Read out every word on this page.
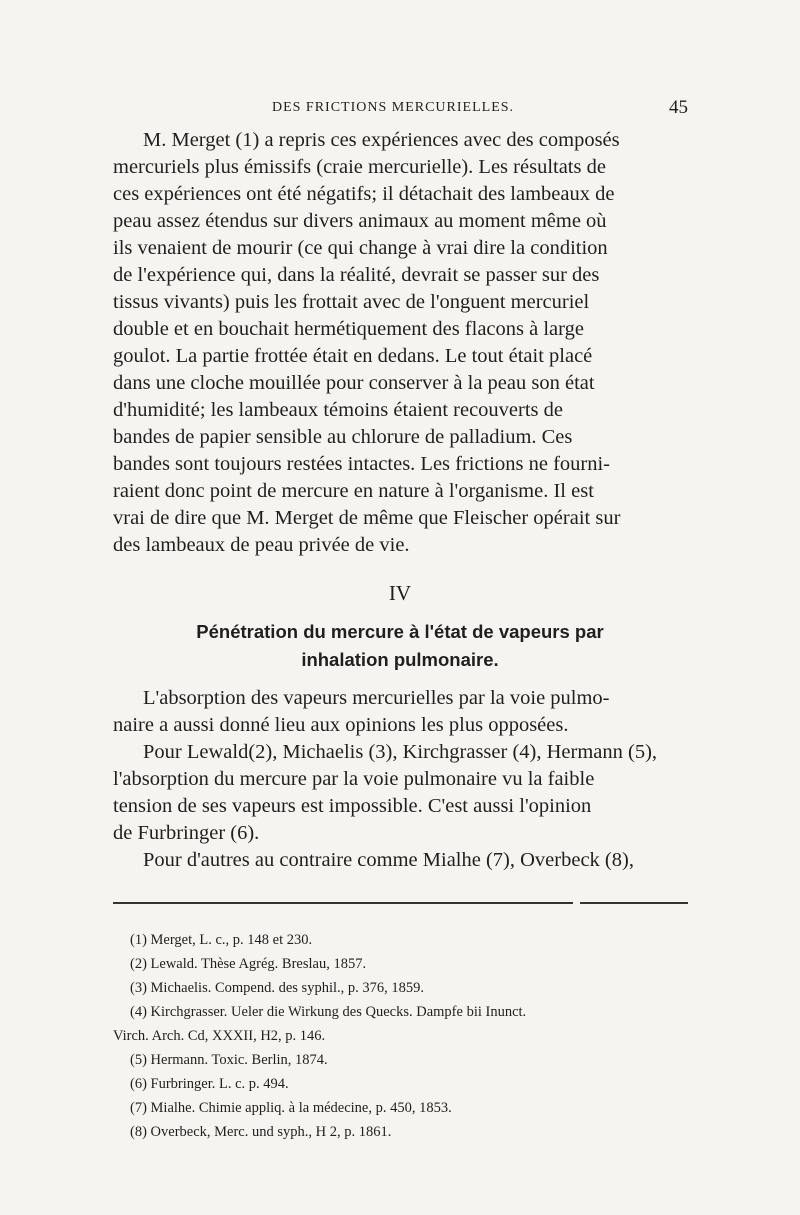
DES FRICTIONS MERCURIELLES.	45
M. Merget (1) a repris ces expériences avec des composés
mercuriels plus émissifs (craie mercurielle). Les résultats de
ces expériences ont été négatifs; il détachait des lambeaux de
peau assez étendus sur divers animaux au moment même où
ils venaient de mourir (ce qui change à vrai dire la condition
de l'expérience qui, dans la réalité, devrait se passer sur des
tissus vivants) puis les frottait avec de l'onguent mercuriel
double et en bouchait hermétiquement des flacons à large
goulot. La partie frottée était en dedans. Le tout était placé
dans une cloche mouillée pour conserver à la peau son état
d'humidité; les lambeaux témoins étaient recouverts de
bandes de papier sensible au chlorure de palladium. Ces
bandes sont toujours restées intactes. Les frictions ne fourni-
raient donc point de mercure en nature à l'organisme. Il est
vrai de dire que M. Merget de même que Fleischer opérait sur
des lambeaux de peau privée de vie.
IV
Pénétration du mercure à l'état de vapeurs par
inhalation pulmonaire.
L'absorption des vapeurs mercurielles par la voie pulmo-
naire a aussi donné lieu aux opinions les plus opposées.
Pour Lewald(2), Michaelis (3), Kirchgrasser (4), Hermann (5),
l'absorption du mercure par la voie pulmonaire vu la faible
tension de ses vapeurs est impossible. C'est aussi l'opinion
de Furbringer (6).
Pour d'autres au contraire comme Mialhe (7), Overbeck (8),
(1) Merget, L. c., p. 148 et 230.
(2) Lewald. Thèse Agrég. Breslau, 1857.
(3) Michaelis. Compend. des syphil., p. 376, 1859.
(4) Kirchgrasser. Ueler die Wirkung des Quecks. Dampfe bii Inunct.
Virch. Arch. Cd, XXXII, H2, p. 146.
(5) Hermann. Toxic. Berlin, 1874.
(6) Furbringer. L. c. p. 494.
(7) Mialhe. Chimie appliq. à la médecine, p. 450, 1853.
(8) Overbeck, Merc. und syph., H 2, p. 1861.
